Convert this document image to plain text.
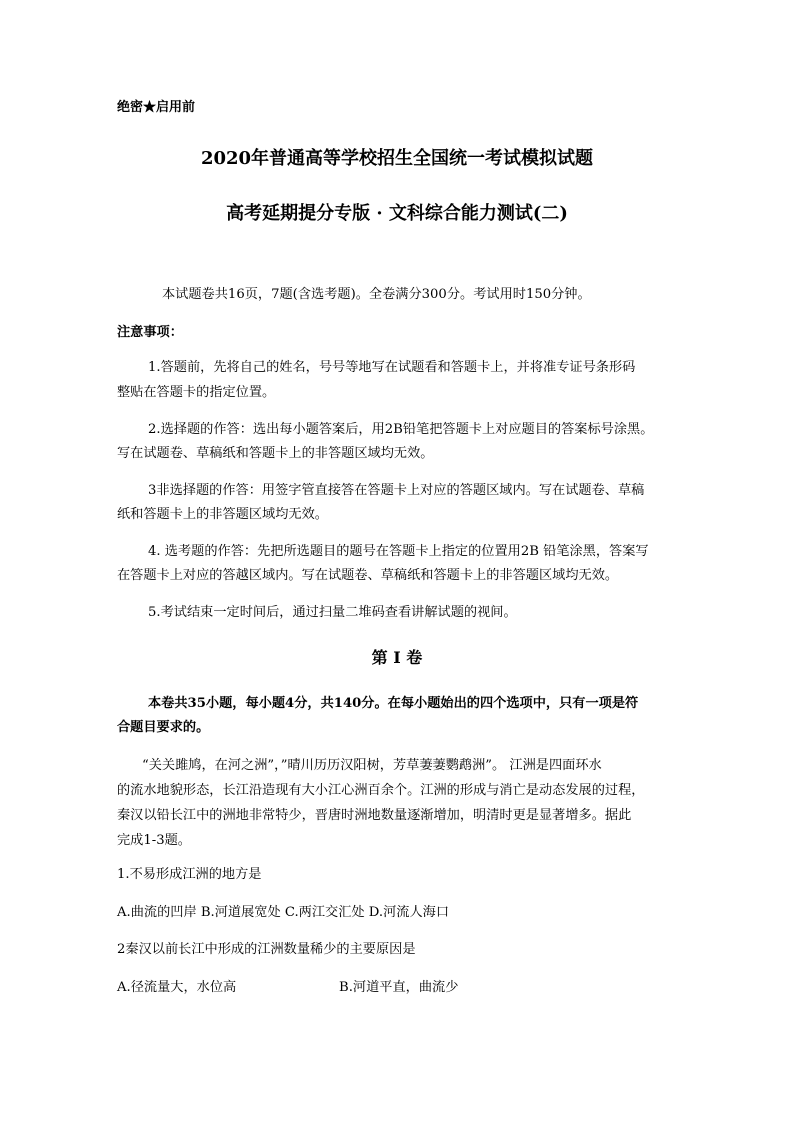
绝密★启用前
2020年普通高等学校招生全国统一考试模拟试题
高考延期提分专版 · 文科综合能力测试(二)
本试题卷共16页，7题(含选考题)。全卷满分300分。考试用时150分钟。
注意事项：
1.答题前，先将自己的姓名，号号等地写在试题看和答题卡上，并将准专证号条形码
整贴在答题卡的指定位置。
2.选择题的作答：选出每小题答案后，用2B铅笔把答题卡上对应题目的答案标号涂黑。
写在试题卷、草稿纸和答题卡上的非答题区域均无效。
3非选择题的作答：用签字管直接答在答题卡上对应的答题区域内。写在试题卷、草稿
纸和答题卡上的非答题区域均无效。
4. 选考题的作答：先把所选题目的题号在答题卡上指定的位置用2B 铅笔涂黑，答案写
在答题卡上对应的答越区域内。写在试题卷、草稿纸和答题卡上的非答题区域均无效。
5.考试结束一定时间后，通过扫量二堆码查看讲解试题的视间。
第 I 卷
本卷共35小题，每小题4分，共140分。在每小题始出的四个选项中，只有一项是符
合题目要求的。
“关关雎鸠，在河之洲”，”晴川历历汉阳树，芳草萋萋鹦鹉洲”。 江洲是四面环水
的流水地貌形态，长江沿造现有大小江心洲百余个。江洲的形成与消亡是动态发展的过程，
秦汉以铅长江中的洲地非常特少，晋唐时洲地数量逐渐增加，明清时更是显著增多。据此
完成1-3题。
1.不易形成江洲的地方是
A.曲流的凹岸 B.河道展宽处 C.两江交汇处 D.河流人海口
2秦汉以前长江中形成的江洲数量稀少的主要原因是
A.径流量大，水位高	B.河道平直，曲流少
